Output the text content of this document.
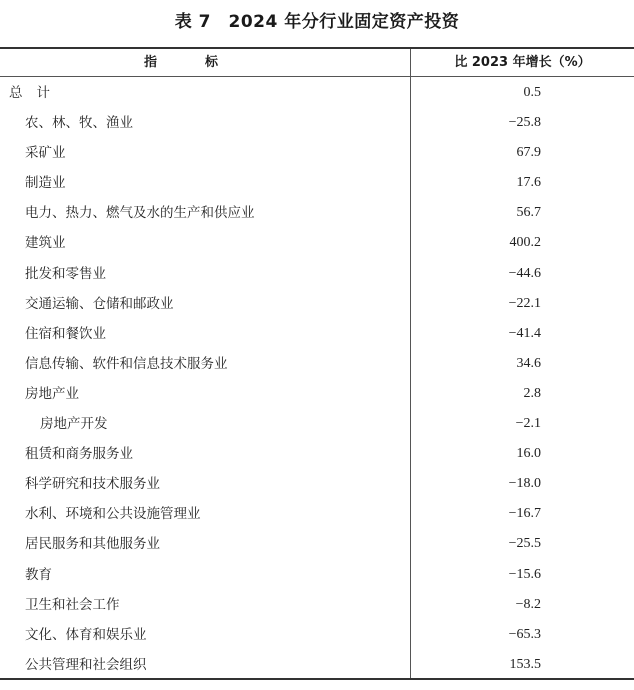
表 7　2024 年分行业固定资产投资
指标	比 2023 年增长（%）
总计	0.5
农、林、牧、渔业	−25.8
采矿业	67.9
制造业	17.6
电力、热力、燃气及水的生产和供应业	56.7
建筑业	400.2
批发和零售业	−44.6
交通运输、仓储和邮政业	−22.1
住宿和餐饮业	−41.4
信息传输、软件和信息技术服务业	34.6
房地产业	2.8
房地产开发	−2.1
租赁和商务服务业	16.0
科学研究和技术服务业	−18.0
水利、环境和公共设施管理业	−16.7
居民服务和其他服务业	−25.5
教育	−15.6
卫生和社会工作	−8.2
文化、体育和娱乐业	−65.3
公共管理和社会组织	153.5
